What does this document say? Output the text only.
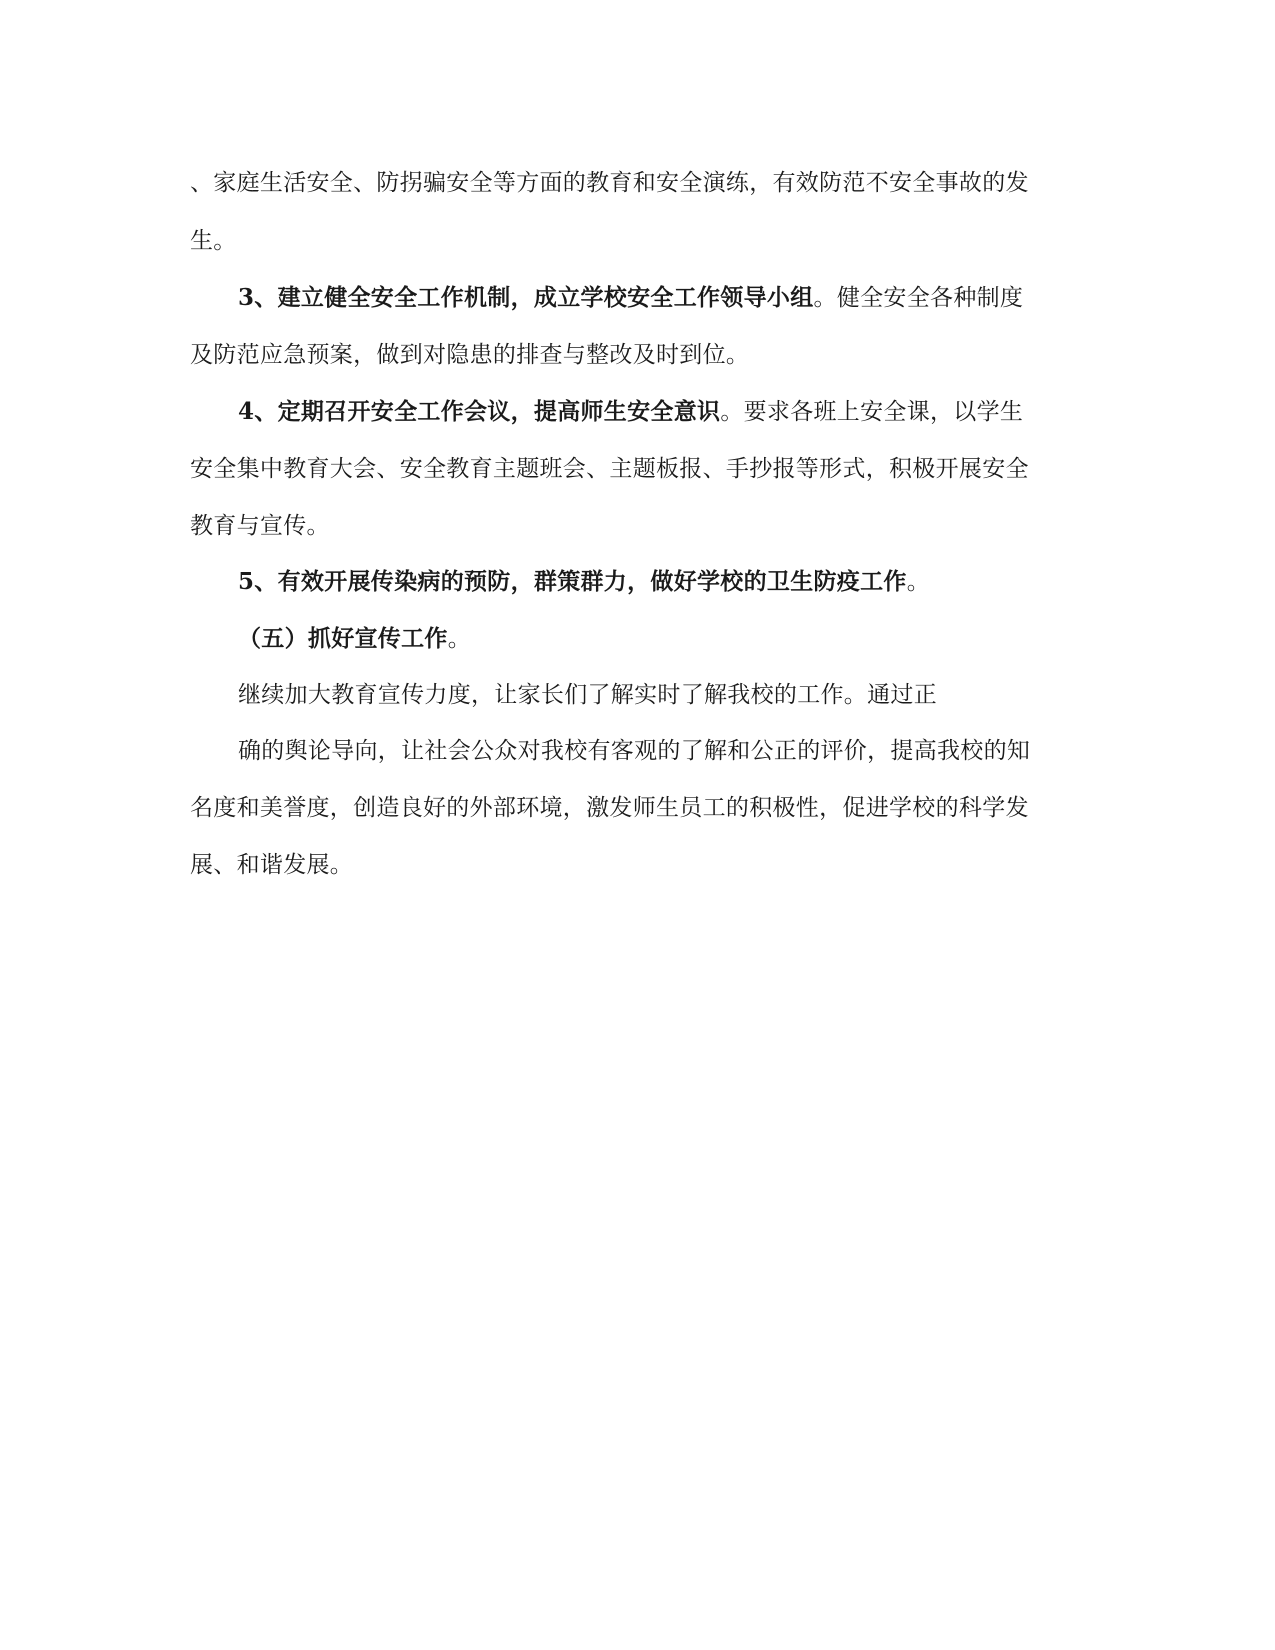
、家庭生活安全、防拐骗安全等方面的教育和安全演练，有效防范不安全事故的发
生。
3、建立健全安全工作机制，成立学校安全工作领导小组。健全安全各种制度
及防范应急预案，做到对隐患的排查与整改及时到位。
4、定期召开安全工作会议，提高师生安全意识。要求各班上安全课，以学生
安全集中教育大会、安全教育主题班会、主题板报、手抄报等形式，积极开展安全
教育与宣传。
5、有效开展传染病的预防，群策群力，做好学校的卫生防疫工作。
（五）抓好宣传工作。
继续加大教育宣传力度，让家长们了解实时了解我校的工作。通过正
确的舆论导向，让社会公众对我校有客观的了解和公正的评价，提高我校的知
名度和美誉度，创造良好的外部环境，激发师生员工的积极性，促进学校的科学发
展、和谐发展。
